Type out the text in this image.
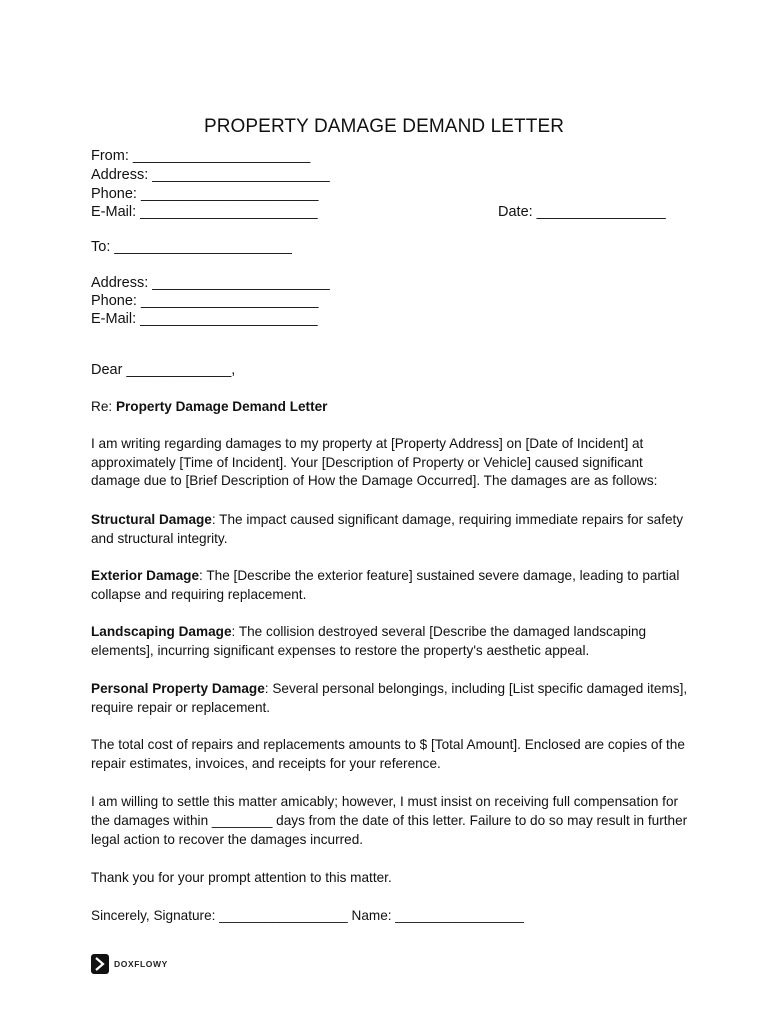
PROPERTY DAMAGE DEMAND LETTER
From: ______________________
Address: ______________________
Phone: ______________________
E-Mail: ______________________	Date: ________________
To: ______________________
Address: ______________________
Phone: ______________________
E-Mail: ______________________
Dear _____________,
Re: Property Damage Demand Letter
I am writing regarding damages to my property at [Property Address] on [Date of Incident] at approximately [Time of Incident]. Your [Description of Property or Vehicle] caused significant damage due to [Brief Description of How the Damage Occurred]. The damages are as follows:
Structural Damage: The impact caused significant damage, requiring immediate repairs for safety and structural integrity.
Exterior Damage: The [Describe the exterior feature] sustained severe damage, leading to partial collapse and requiring replacement.
Landscaping Damage: The collision destroyed several [Describe the damaged landscaping elements], incurring significant expenses to restore the property's aesthetic appeal.
Personal Property Damage: Several personal belongings, including [List specific damaged items], require repair or replacement.
The total cost of repairs and replacements amounts to $ [Total Amount]. Enclosed are copies of the repair estimates, invoices, and receipts for your reference.
I am willing to settle this matter amicably; however, I must insist on receiving full compensation for the damages within ________ days from the date of this letter. Failure to do so may result in further legal action to recover the damages incurred.
Thank you for your prompt attention to this matter.
Sincerely, Signature: _________________ Name: _________________
DOXFLOWY
